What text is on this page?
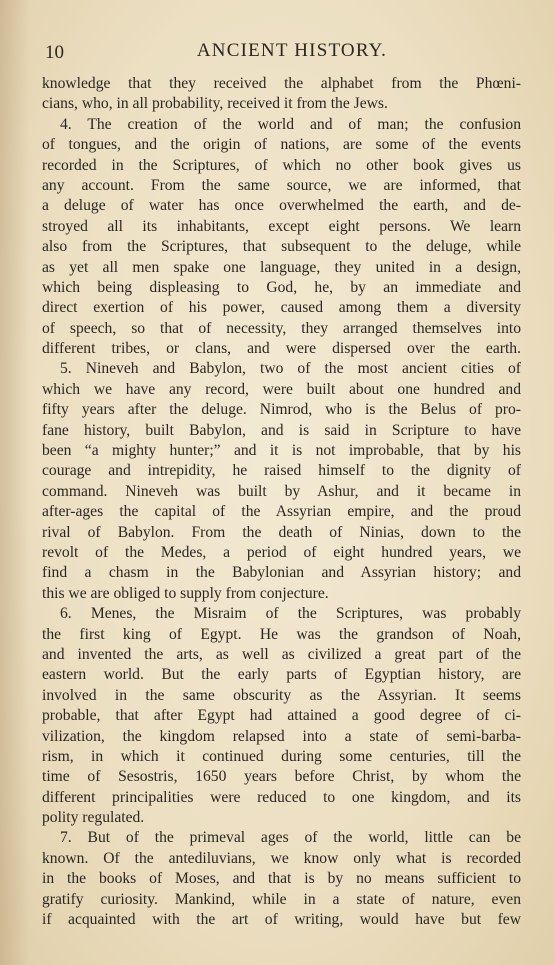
10	ANCIENT HISTORY.
knowledge that they received the alphabet from the Phœni-
cians, who, in all probability, received it from the Jews.
4. The creation of the world and of man; the confusion
of tongues, and the origin of nations, are some of the events
recorded in the Scriptures, of which no other book gives us
any account. From the same source, we are informed, that
a deluge of water has once overwhelmed the earth, and de-
stroyed all its inhabitants, except eight persons. We learn
also from the Scriptures, that subsequent to the deluge, while
as yet all men spake one language, they united in a design,
which being displeasing to God, he, by an immediate and
direct exertion of his power, caused among them a diversity
of speech, so that of necessity, they arranged themselves into
different tribes, or clans, and were dispersed over the earth.
5. Nineveh and Babylon, two of the most ancient cities of
which we have any record, were built about one hundred and
fifty years after the deluge. Nimrod, who is the Belus of pro-
fane history, built Babylon, and is said in Scripture to have
been “a mighty hunter;” and it is not improbable, that by his
courage and intrepidity, he raised himself to the dignity of
command. Nineveh was built by Ashur, and it became in
after-ages the capital of the Assyrian empire, and the proud
rival of Babylon. From the death of Ninias, down to the
revolt of the Medes, a period of eight hundred years, we
find a chasm in the Babylonian and Assyrian history; and
this we are obliged to supply from conjecture.
6. Menes, the Misraim of the Scriptures, was probably
the first king of Egypt. He was the grandson of Noah,
and invented the arts, as well as civilized a great part of the
eastern world. But the early parts of Egyptian history, are
involved in the same obscurity as the Assyrian. It seems
probable, that after Egypt had attained a good degree of ci-
vilization, the kingdom relapsed into a state of semi-barba-
rism, in which it continued during some centuries, till the
time of Sesostris, 1650 years before Christ, by whom the
different principalities were reduced to one kingdom, and its
polity regulated.
7. But of the primeval ages of the world, little can be
known. Of the antediluvians, we know only what is recorded
in the books of Moses, and that is by no means sufficient to
gratify curiosity. Mankind, while in a state of nature, even
if acquainted with the art of writing, would have but few
